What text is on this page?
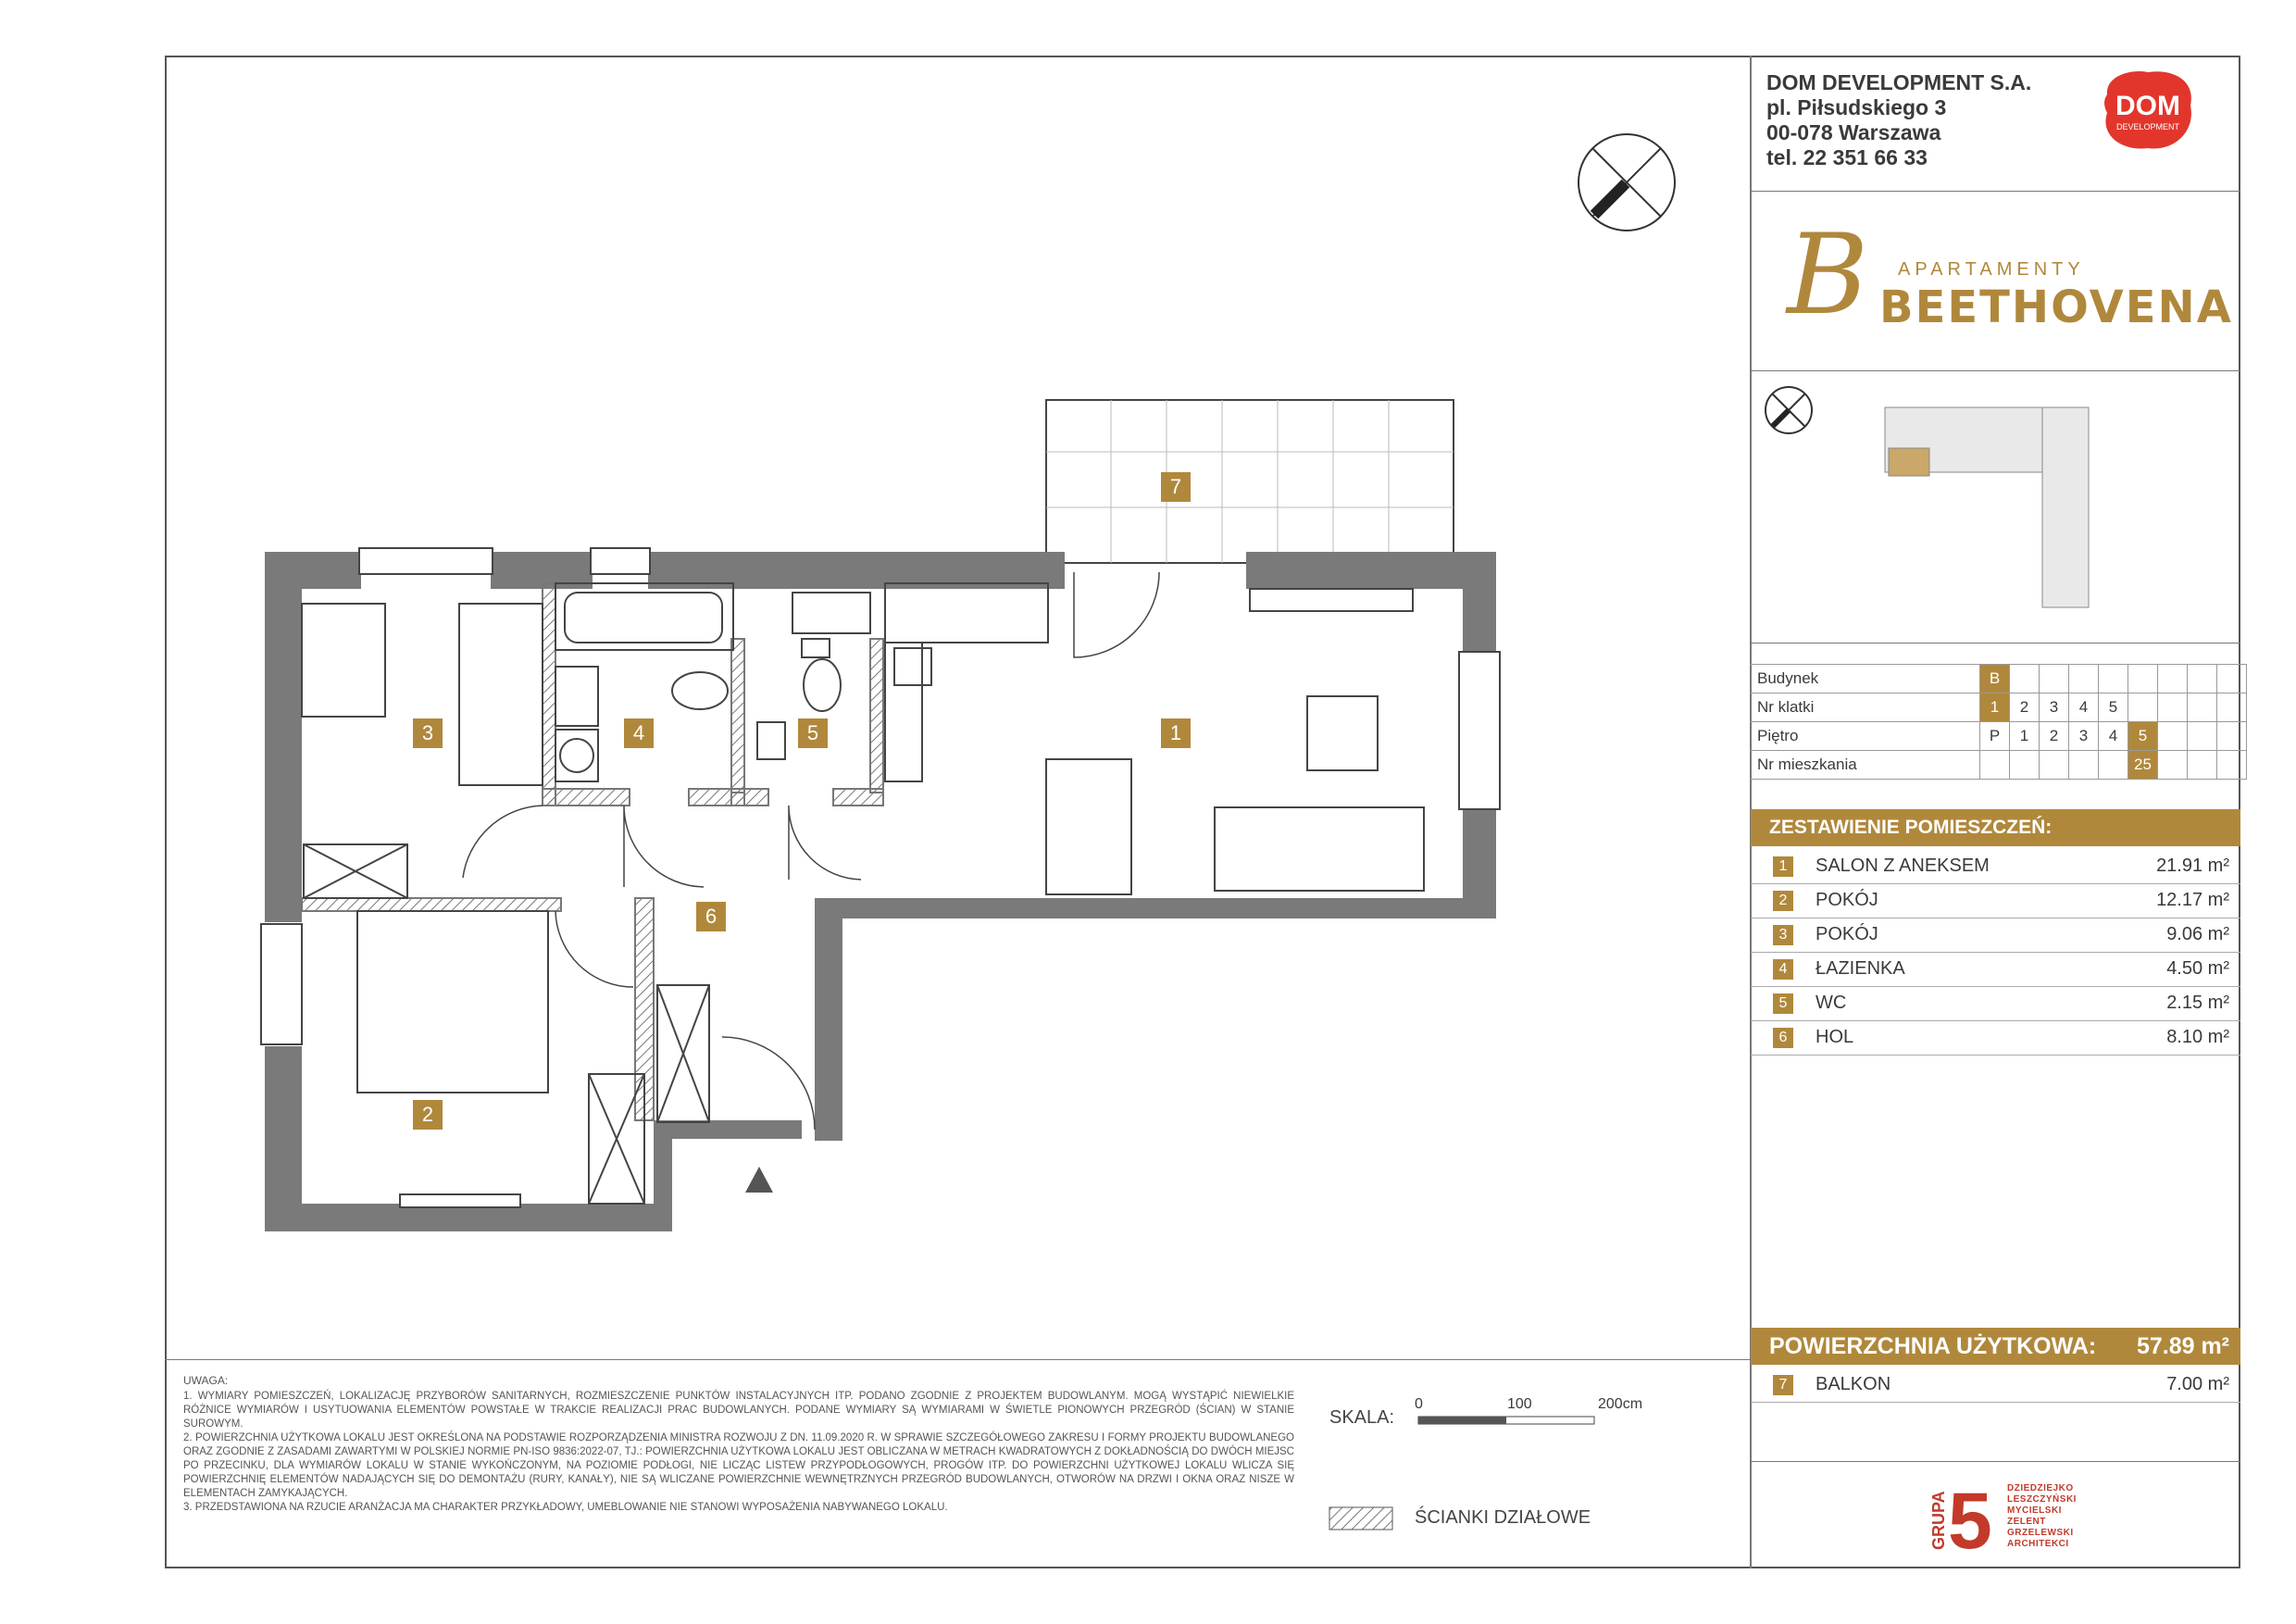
1
2
3	4	5
6
7
DOM DEVELOPMENT S.A.
pl. Piłsudskiego 3
00-078 Warszawa
tel. 22 351 66 33
DOM
DEVELOPMENT
B APARTAMENTY
BEETHOVENA
Budynek	B								
Nr klatki	1	2	3	4	5				
Piętro	P	1	2	3	4	5			
Nr mieszkania						25			
ZESTAWIENIE POMIESZCZEŃ:
1	SALON Z ANEKSEM	21.91 m²
2	POKÓJ	12.17 m²
3	POKÓJ	9.06 m²
4	ŁAZIENKA	4.50 m²
5	WC	2.15 m²
6	HOL	8.10 m²
POWIERZCHNIA UŻYTKOWA: 57.89 m²
7	BALKON	7.00 m²
UWAGA:
1. WYMIARY POMIESZCZEŃ, LOKALIZACJĘ PRZYBORÓW SANITARNYCH, ROZMIESZCZENIE PUNKTÓW INSTALACYJNYCH ITP. PODANO ZGODNIE Z PROJEKTEM BUDOWLANYM. MOGĄ WYSTĄPIĆ NIEWIELKIE RÓŻNICE WYMIARÓW I USYTUOWANIA ELEMENTÓW POWSTAŁE W TRAKCIE REALIZACJI PRAC BUDOWLANYCH. PODANE WYMIARY SĄ WYMIARAMI W ŚWIETLE PIONOWYCH PRZEGRÓD (ŚCIAN) W STANIE SUROWYM.
2. POWIERZCHNIA UŻYTKOWA LOKALU JEST OKREŚLONA NA PODSTAWIE ROZPORZĄDZENIA MINISTRA ROZWOJU Z DN. 11.09.2020 R. W SPRAWIE SZCZEGÓŁOWEGO ZAKRESU I FORMY PROJEKTU BUDOWLANEGO ORAZ ZGODNIE Z ZASADAMI ZAWARTYMI W POLSKIEJ NORMIE PN-ISO 9836:2022-07, TJ.: POWIERZCHNIA UŻYTKOWA LOKALU JEST OBLICZANA W METRACH KWADRATOWYCH Z DOKŁADNOŚCIĄ DO DWÓCH MIEJSC PO PRZECINKU, DLA WYMIARÓW LOKALU W STANIE WYKOŃCZONYM, NA POZIOMIE PODŁOGI, NIE LICZĄC LISTEW PRZYPODŁOGOWYCH, PROGÓW ITP. DO POWIERZCHNI UŻYTKOWEJ LOKALU WLICZA SIĘ POWIERZCHNIĘ ELEMENTÓW NADAJĄCYCH SIĘ DO DEMONTAŻU (RURY, KANAŁY), NIE SĄ WLICZANE POWIERZCHNIE WEWNĘTRZNYCH PRZEGRÓD BUDOWLANYCH, OTWORÓW NA DRZWI I OKNA ORAZ NISZE W ELEMENTACH ZAMYKAJĄCYCH.
3. PRZEDSTAWIONA NA RZUCIE ARANŻACJA MA CHARAKTER PRZYKŁADOWY, UMEBLOWANIE NIE STANOWI WYPOSAŻENIA NABYWANEGO LOKALU.
SKALA:
0	100	200cm
ŚCIANKI DZIAŁOWE	GRUPA 5 DZIEDZIEJKO
LESZCZYŃSKI
MYCIELSKI
ZELENT
GRZELEWSKI
ARCHITEKCI
